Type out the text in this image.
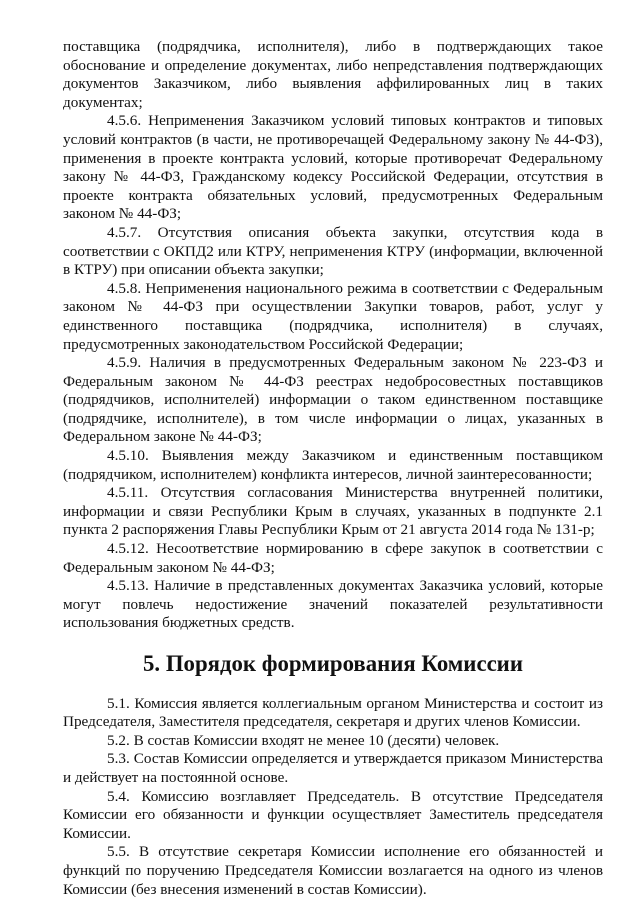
поставщика (подрядчика, исполнителя), либо в подтверждающих такое обоснование и определение документах, либо непредставления подтверждающих документов Заказчиком, либо выявления аффилированных лиц в таких документах;

4.5.6. Неприменения Заказчиком условий типовых контрактов и типовых условий контрактов (в части, не противоречащей Федеральному закону № 44-ФЗ), применения в проекте контракта условий, которые противоречат Федеральному закону № 44-ФЗ, Гражданскому кодексу Российской Федерации, отсутствия в проекте контракта обязательных условий, предусмотренных Федеральным законом № 44-ФЗ;

4.5.7. Отсутствия описания объекта закупки, отсутствия кода в соответствии с ОКПД2 или КТРУ, неприменения КТРУ (информации, включенной в КТРУ) при описании объекта закупки;

4.5.8. Неприменения национального режима в соответствии с Федеральным законом № 44-ФЗ при осуществлении Закупки товаров, работ, услуг у единственного поставщика (подрядчика, исполнителя) в случаях, предусмотренных законодательством Российской Федерации;

4.5.9. Наличия в предусмотренных Федеральным законом № 223-ФЗ и Федеральным законом № 44-ФЗ реестрах недобросовестных поставщиков (подрядчиков, исполнителей) информации о таком единственном поставщике (подрядчике, исполнителе), в том числе информации о лицах, указанных в Федеральном законе № 44-ФЗ;

4.5.10. Выявления между Заказчиком и единственным поставщиком (подрядчиком, исполнителем) конфликта интересов, личной заинтересованности;

4.5.11. Отсутствия согласования Министерства внутренней политики, информации и связи Республики Крым в случаях, указанных в подпункте 2.1 пункта 2 распоряжения Главы Республики Крым от 21 августа 2014 года № 131-р;

4.5.12. Несоответствие нормированию в сфере закупок в соответствии с Федеральным законом № 44-ФЗ;

4.5.13. Наличие в представленных документах Заказчика условий, которые могут повлечь недостижение значений показателей результативности использования бюджетных средств.

5. Порядок формирования Комиссии

5.1. Комиссия является коллегиальным органом Министерства и состоит из Председателя, Заместителя председателя, секретаря и других членов Комиссии.

5.2. В состав Комиссии входят не менее 10 (десяти) человек.

5.3. Состав Комиссии определяется и утверждается приказом Министерства и действует на постоянной основе.

5.4. Комиссию возглавляет Председатель. В отсутствие Председателя Комиссии его обязанности и функции осуществляет Заместитель председателя Комиссии.

5.5. В отсутствие секретаря Комиссии исполнение его обязанностей и функций по поручению Председателя Комиссии возлагается на одного из членов Комиссии (без внесения изменений в состав Комиссии).
